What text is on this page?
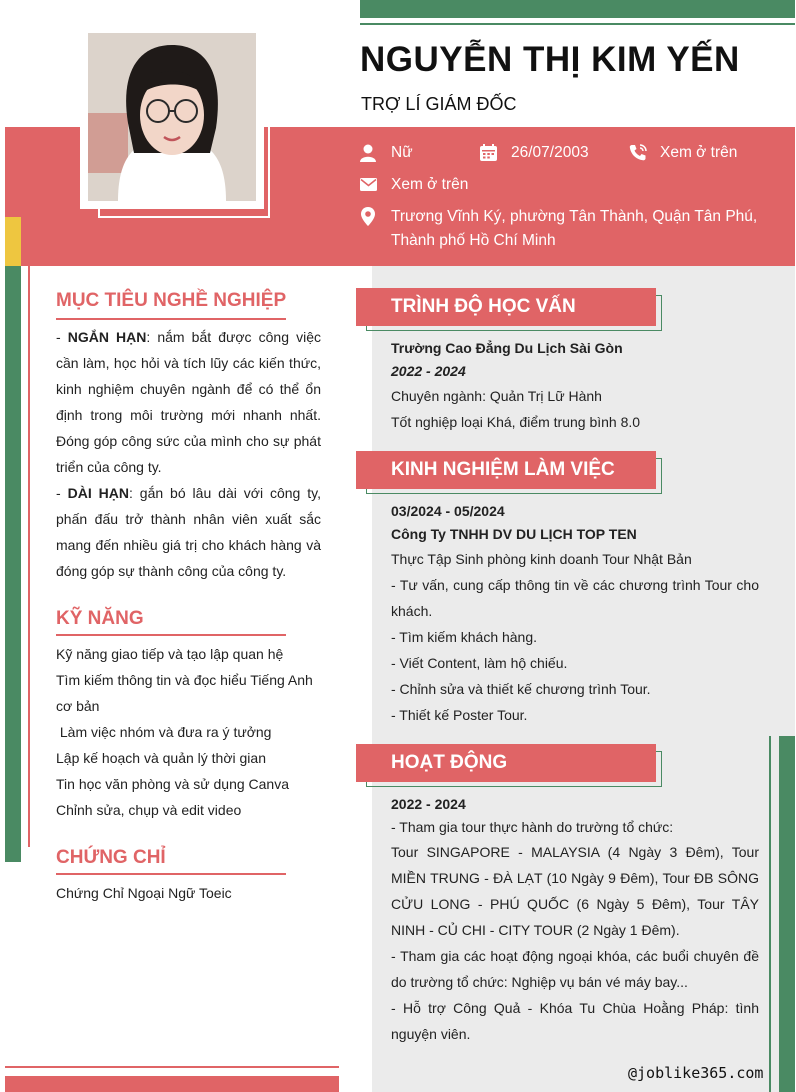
NGUYỄN THỊ KIM YẾN
TRỢ LÍ GIÁM ĐỐC
Nữ	26/07/2003	Xem ở trên
Xem ở trên
Trương Vĩnh Ký, phường Tân Thành, Quận Tân Phú,
Thành phố Hồ Chí Minh
MỤC TIÊU NGHỀ NGHIỆP
- NGẮN HẠN: nắm bắt được công việc cần làm, học hỏi và tích lũy các kiến thức, kinh nghiệm chuyên ngành để có thể ổn định trong môi trường mới nhanh nhất. Đóng góp công sức của mình cho sự phát triển của công ty.
- DÀI HẠN: gắn bó lâu dài với công ty, phấn đấu trở thành nhân viên xuất sắc mang đến nhiều giá trị cho khách hàng và đóng góp sự thành công của công ty.
KỸ NĂNG
Kỹ năng giao tiếp và tạo lập quan hệ
Tìm kiếm thông tin và đọc hiểu Tiếng Anh cơ bản
Làm việc nhóm và đưa ra ý tưởng
Lập kế hoạch và quản lý thời gian
Tin học văn phòng và sử dụng Canva
Chỉnh sửa, chụp và edit video
CHỨNG CHỈ
Chứng Chỉ Ngoại Ngữ Toeic
TRÌNH ĐỘ HỌC VẤN
Trường Cao Đẳng Du Lịch Sài Gòn
2022 - 2024
Chuyên ngành: Quản Trị Lữ Hành
Tốt nghiệp loại Khá, điểm trung bình 8.0
KINH NGHIỆM LÀM VIỆC
03/2024 - 05/2024
Công Ty TNHH DV DU LỊCH TOP TEN
Thực Tập Sinh phòng kinh doanh Tour Nhật Bản
- Tư vấn, cung cấp thông tin về các chương trình Tour cho khách.
- Tìm kiếm khách hàng.
- Viết Content, làm hộ chiếu.
- Chỉnh sửa và thiết kế chương trình Tour.
- Thiết kế Poster Tour.
HOẠT ĐỘNG
2022 - 2024
- Tham gia tour thực hành do trường tổ chức:
Tour SINGAPORE - MALAYSIA (4 Ngày 3 Đêm), Tour MIỀN TRUNG - ĐÀ LẠT (10 Ngày 9 Đêm), Tour ĐB SÔNG CỬU LONG - PHÚ QUỐC (6 Ngày 5 Đêm), Tour TÂY NINH - CỦ CHI - CITY TOUR (2 Ngày 1 Đêm).
- Tham gia các hoạt động ngoại khóa, các buổi chuyên đề do trường tổ chức: Nghiệp vụ bán vé máy bay...
- Hỗ trợ Công Quả - Khóa Tu Chùa Hoằng Pháp: tình nguyện viên.
@joblike365.com
